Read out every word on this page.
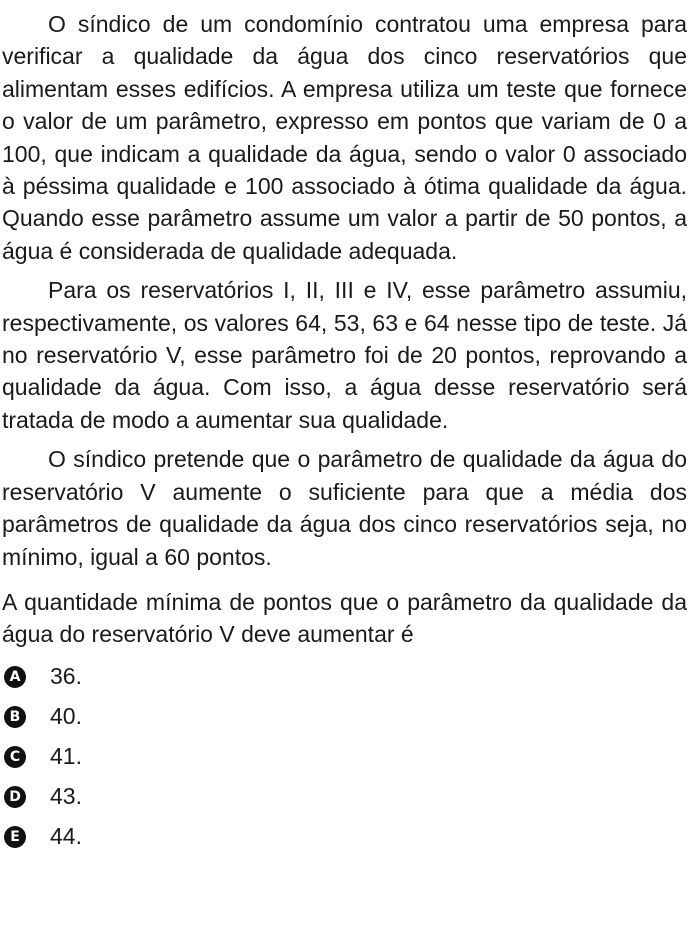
O síndico de um condomínio contratou uma empresa para verificar a qualidade da água dos cinco reservatórios que alimentam esses edifícios. A empresa utiliza um teste que fornece o valor de um parâmetro, expresso em pontos que variam de 0 a 100, que indicam a qualidade da água, sendo o valor 0 associado à péssima qualidade e 100 associado à ótima qualidade da água. Quando esse parâmetro assume um valor a partir de 50 pontos, a água é considerada de qualidade adequada.

Para os reservatórios I, II, III e IV, esse parâmetro assumiu, respectivamente, os valores 64, 53, 63 e 64 nesse tipo de teste. Já no reservatório V, esse parâmetro foi de 20 pontos, reprovando a qualidade da água. Com isso, a água desse reservatório será tratada de modo a aumentar sua qualidade.

O síndico pretende que o parâmetro de qualidade da água do reservatório V aumente o suficiente para que a média dos parâmetros de qualidade da água dos cinco reservatórios seja, no mínimo, igual a 60 pontos.

A quantidade mínima de pontos que o parâmetro da qualidade da água do reservatório V deve aumentar é

A 36.
B 40.
C 41.
D 43.
E 44.
